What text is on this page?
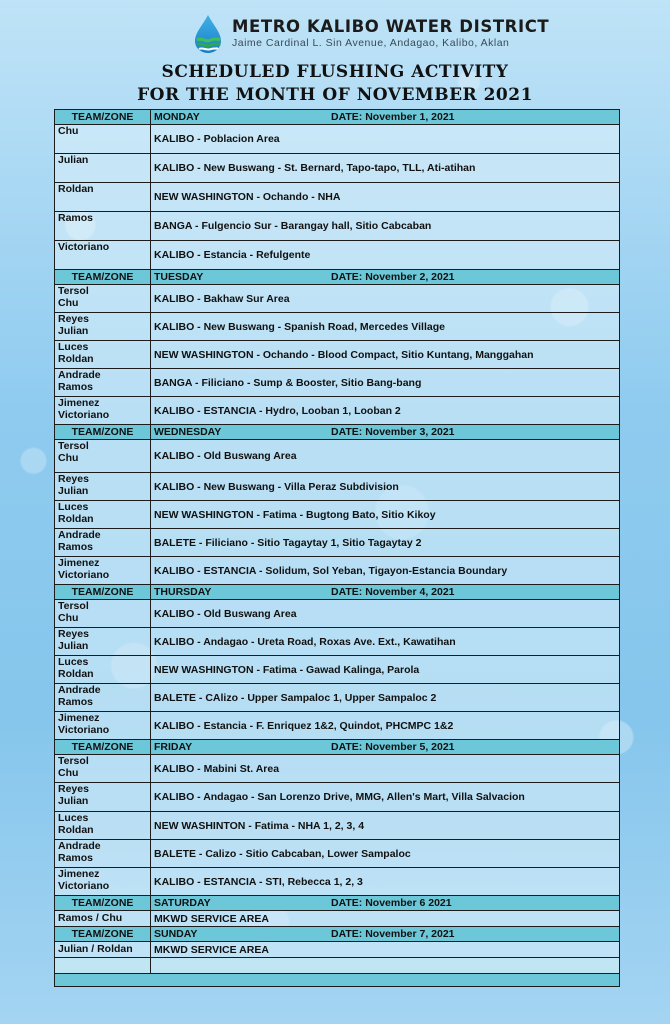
METRO KALIBO WATER DISTRICT
Jaime Cardinal L. Sin Avenue, Andagao, Kalibo, Aklan
SCHEDULED FLUSHING ACTIVITY
FOR THE MONTH OF NOVEMBER 2021
TEAM/ZONE	MONDAY DATE: November 1, 2021

Chu	KALIBO - Poblacion Area
Julian	KALIBO - New Buswang - St. Bernard, Tapo-tapo, TLL, Ati-atihan
Roldan	NEW WASHINGTON - Ochando - NHA
Ramos	BANGA - Fulgencio Sur - Barangay hall, Sitio Cabcaban
Victoriano	KALIBO - Estancia - Refulgente
TEAM/ZONE	TUESDAY DATE: November 2, 2021

Tersol
Chu	KALIBO - Bakhaw Sur Area
Reyes
Julian	KALIBO - New Buswang - Spanish Road, Mercedes Village
Luces
Roldan	NEW WASHINGTON - Ochando - Blood Compact, Sitio Kuntang, Manggahan
Andrade
Ramos	BANGA - Filiciano - Sump & Booster, Sitio Bang-bang
Jimenez
Victoriano	KALIBO - ESTANCIA - Hydro, Looban 1, Looban 2
TEAM/ZONE	WEDNESDAY DATE: November 3, 2021

Tersol
Chu	KALIBO - Old Buswang Area
Reyes
Julian	KALIBO - New Buswang - Villa Peraz Subdivision
Luces
Roldan	NEW WASHINGTON - Fatima - Bugtong Bato, Sitio Kikoy
Andrade
Ramos	BALETE - Filiciano - Sitio Tagaytay 1, Sitio Tagaytay 2
Jimenez
Victoriano	KALIBO - ESTANCIA - Solidum, Sol Yeban, Tigayon-Estancia Boundary
TEAM/ZONE	THURSDAY DATE: November 4, 2021

Tersol
Chu	KALIBO - Old Buswang Area
Reyes
Julian	KALIBO - Andagao - Ureta Road, Roxas Ave. Ext., Kawatihan
Luces
Roldan	NEW WASHINGTON - Fatima - Gawad Kalinga, Parola
Andrade
Ramos	BALETE - CAlizo - Upper Sampaloc 1, Upper Sampaloc 2
Jimenez
Victoriano	KALIBO - Estancia - F. Enriquez 1&2, Quindot, PHCMPC 1&2
TEAM/ZONE	FRIDAY DATE: November 5, 2021

Tersol
Chu	KALIBO - Mabini St. Area
Reyes
Julian	KALIBO - Andagao - San Lorenzo Drive, MMG, Allen's Mart, Villa Salvacion
Luces
Roldan	NEW WASHINTON - Fatima - NHA 1, 2, 3, 4
Andrade
Ramos	BALETE - Calizo - Sitio Cabcaban, Lower Sampaloc
Jimenez
Victoriano	KALIBO - ESTANCIA - STI, Rebecca 1, 2, 3
TEAM/ZONE	SATURDAY DATE: November 6 2021

Ramos / Chu	MKWD SERVICE AREA
TEAM/ZONE	SUNDAY DATE: November 7, 2021

Julian / Roldan	MKWD SERVICE AREA
